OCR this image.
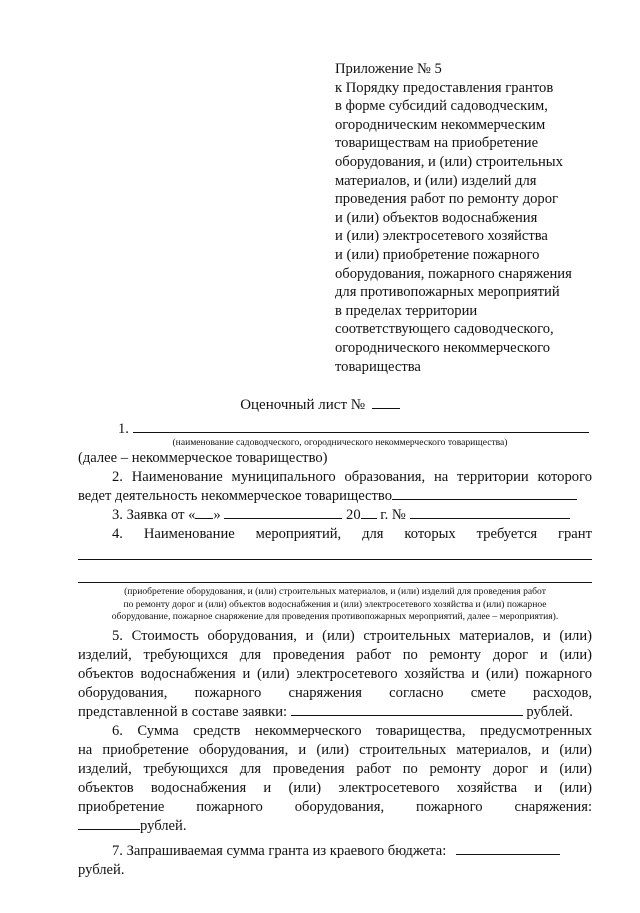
Приложение № 5
к Порядку предоставления грантов
в форме субсидий садоводческим,
огородническим некоммерческим
товариществам на приобретение
оборудования, и (или) строительных
материалов, и (или) изделий для
проведения работ по ремонту дорог
и (или) объектов водоснабжения
и (или) электросетевого хозяйства
и (или) приобретение пожарного
оборудования, пожарного снаряжения
для противопожарных мероприятий
в пределах территории
соответствующего садоводческого,
огороднического некоммерческого
товарищества
Оценочный лист №
1.
(наименование садоводческого, огороднического некоммерческого товарищества)
(далее – некоммерческое товарищество)
2. Наименование муниципального образования, на территории которого
ведет деятельность некоммерческое товарищество
3. Заявка от « »	20 г. №
4. Наименование мероприятий, для которых требуется грант
(приобретение оборудования, и (или) строительных материалов, и (или) изделий для проведения работ
по ремонту дорог и (или) объектов водоснабжения и (или) электросетевого хозяйства и (или) пожарное
оборудование, пожарное снаряжение для проведения противопожарных мероприятий, далее – мероприятия).
5. Стоимость оборудования, и (или) строительных материалов, и (или)
изделий, требующихся для проведения работ по ремонту дорог и (или)
объектов водоснабжения и (или) электросетевого хозяйства и (или) пожарного
оборудования, пожарного снаряжения согласно смете расходов,
представленной в составе заявки:	рублей.
6. Сумма средств некоммерческого товарищества, предусмотренных
на приобретение оборудования, и (или) строительных материалов, и (или)
изделий, требующихся для проведения работ по ремонту дорог и (или)
объектов водоснабжения и (или) электросетевого хозяйства и (или)
приобретение пожарного оборудования, пожарного снаряжения:
рублей.
7. Запрашиваемая сумма гранта из краевого бюджета:
рублей.
